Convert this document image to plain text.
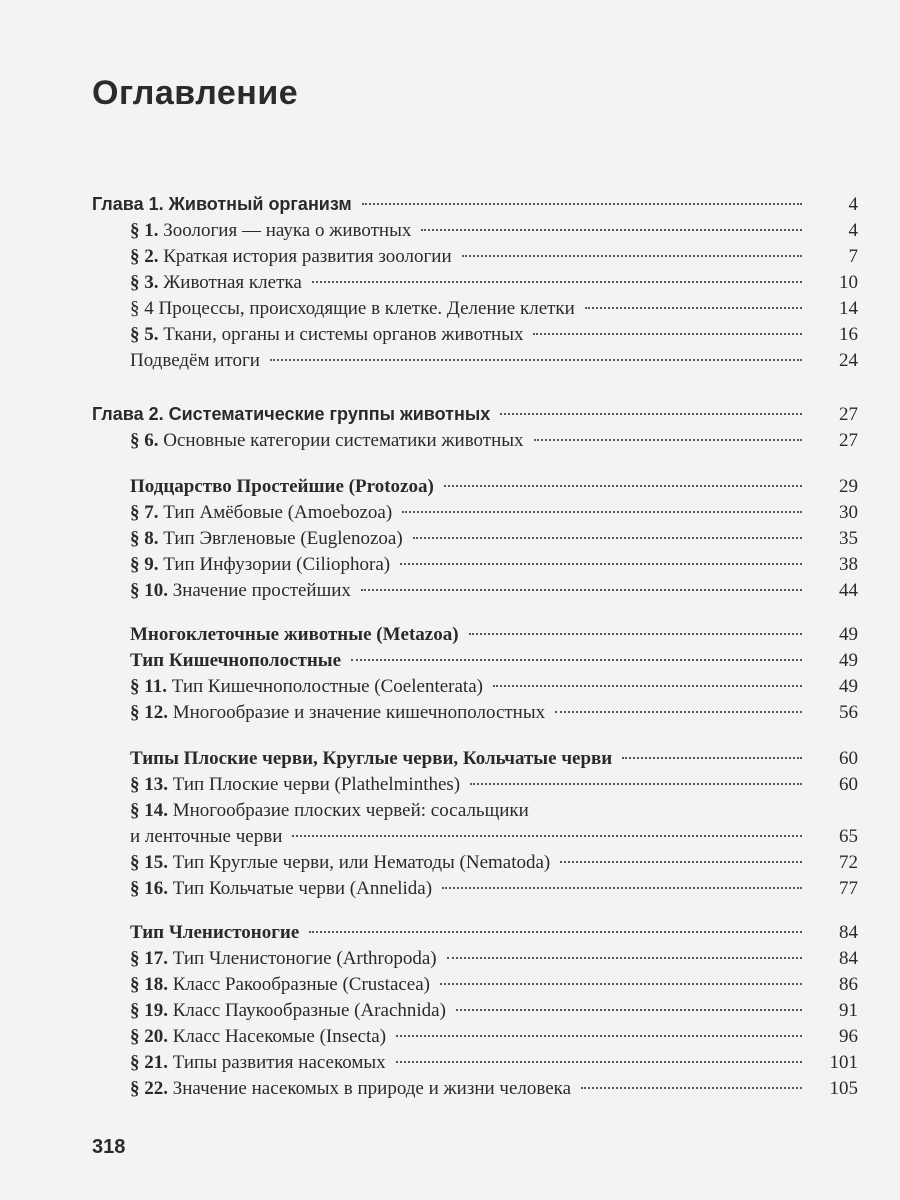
Оглавление
Глава 1. Животный организм	4
§ 1. Зоология — наука о животных	4
§ 2. Краткая история развития зоологии	7
§ 3. Животная клетка	10
§ 4 Процессы, происходящие в клетке. Деление клетки	14
§ 5. Ткани, органы и системы органов животных	16
Подведём итоги	24
Глава 2. Систематические группы животных	27
§ 6. Основные категории систематики животных	27
Подцарство Простейшие (Protozoa)	29
§ 7. Тип Амёбовые (Amoebozoa)	30
§ 8. Тип Эвгленовые (Euglenozoa)	35
§ 9. Тип Инфузории (Ciliophora)	38
§ 10. Значение простейших	44
Многоклеточные животные (Metazoa)	49
Тип Кишечнополостные	49
§ 11. Тип Кишечнополостные (Coelenterata)	49
§ 12. Многообразие и значение кишечнополостных	56
Типы Плоские черви, Круглые черви, Кольчатые черви	60
§ 13. Тип Плоские черви (Plathelminthes)	60
§ 14. Многообразие плоских червей: сосальщики
и ленточные черви	65
§ 15. Тип Круглые черви, или Нематоды (Nematoda)	72
§ 16. Тип Кольчатые черви (Annelida)	77
Тип Членистоногие	84
§ 17. Тип Членистоногие (Arthropoda)	84
§ 18. Класс Ракообразные (Crustacea)	86
§ 19. Класс Паукообразные (Arachnida)	91
§ 20. Класс Насекомые (Insecta)	96
§ 21. Типы развития насекомых	101
§ 22. Значение насекомых в природе и жизни человека	105
318
